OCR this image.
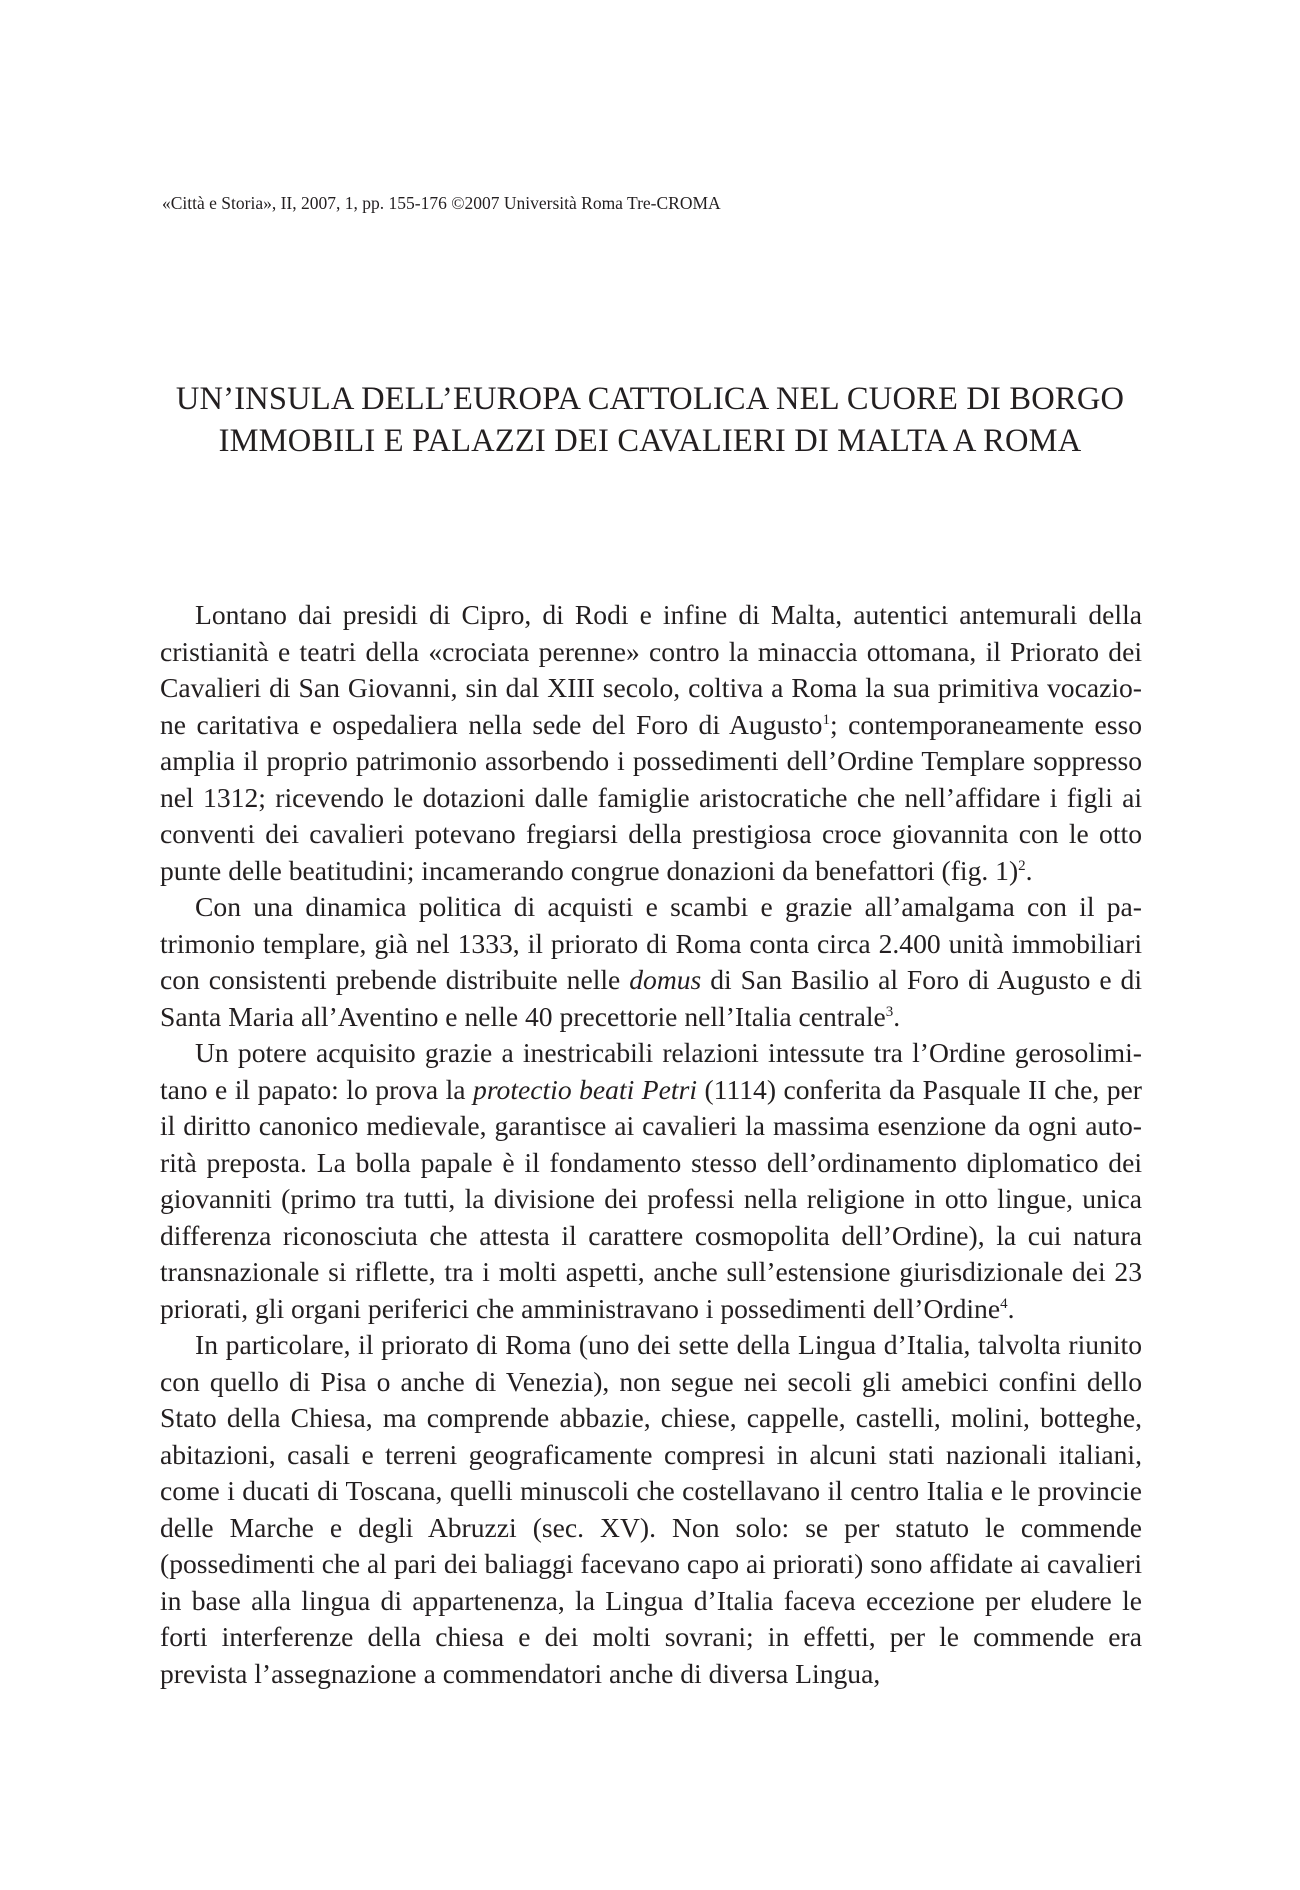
«Città e Storia», II, 2007, 1, pp. 155-176 ©2007 Università Roma Tre-CROMA
UN’INSULA DELL’EUROPA CATTOLICA NEL CUORE DI BORGO
IMMOBILI E PALAZZI DEI CAVALIERI DI MALTA A ROMA

Lontano dai presidi di Cipro, di Rodi e infine di Malta, autentici antemurali della cristianità e teatri della «crociata perenne» contro la minaccia ottomana, il Priorato dei Cavalieri di San Giovanni, sin dal XIII secolo, coltiva a Roma la sua primitiva vocazione caritativa e ospedaliera nella sede del Foro di Augusto$^1$; contemporaneamente esso amplia il proprio patrimonio assorbendo i possedimenti dell’Ordine Templare soppresso nel 1312; ricevendo le dotazioni dalle famiglie aristocratiche che nell’affidare i figli ai conventi dei cavalieri potevano fregiarsi della prestigiosa croce giovannita con le otto punte delle beatitudini; incamerando congrue donazioni da benefattori (fig. 1)$^2$.

Con una dinamica politica di acquisti e scambi e grazie all’amalgama con il patrimonio templare, già nel 1333, il priorato di Roma conta circa 2.400 unità immobiliari con consistenti prebende distribuite nelle domus di San Basilio al Foro di Augusto e di Santa Maria all’Aventino e nelle 40 precettorie nell’Italia centrale$^3$.

Un potere acquisito grazie a inestricabili relazioni intessute tra l’Ordine gerosolimitano e il papato: lo prova la protectio beati Petri (1114) conferita da Pasquale II che, per il diritto canonico medievale, garantisce ai cavalieri la massima esenzione da ogni autorità preposta. La bolla papale è il fondamento stesso dell’ordinamento diplomatico dei giovanniti (primo tra tutti, la divisione dei professi nella religione in otto lingue, unica differenza riconosciuta che attesta il carattere cosmopolita dell’Ordine), la cui natura transnazionale si riflette, tra i molti aspetti, anche sull’estensione giurisdizionale dei 23 priorati, gli organi periferici che amministravano i possedimenti dell’Ordine$^4$.

In particolare, il priorato di Roma (uno dei sette della Lingua d’Italia, talvolta riunito con quello di Pisa o anche di Venezia), non segue nei secoli gli amebici confini dello Stato della Chiesa, ma comprende abbazie, chiese, cappelle, castelli, molini, botteghe, abitazioni, casali e terreni geograficamente compresi in alcuni stati nazionali italiani, come i ducati di Toscana, quelli minuscoli che costellavano il centro Italia e le provincie delle Marche e degli Abruzzi (sec. XV). Non solo: se per statuto le commende (possedimenti che al pari dei baliaggi facevano capo ai priorati) sono affidate ai cavalieri in base alla lingua di appartenenza, la Lingua d’Italia faceva eccezione per eludere le forti interferenze della chiesa e dei molti sovrani; in effetti, per le commende era prevista l’assegnazione a commendatori anche di diversa Lingua,
